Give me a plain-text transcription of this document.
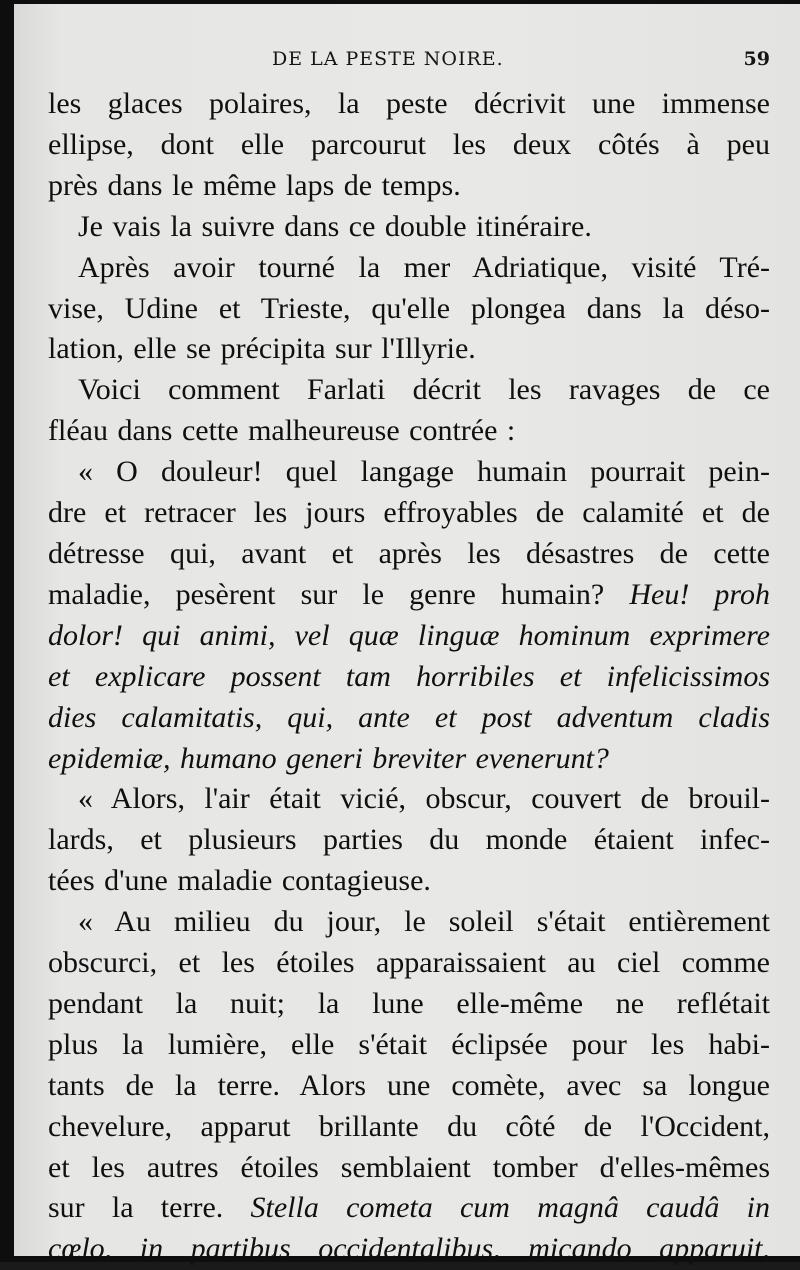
DE LA PESTE NOIRE.	59

les glaces polaires, la peste décrivit une immense
ellipse, dont elle parcourut les deux côtés à peu
près dans le même laps de temps.

Je vais la suivre dans ce double itinéraire.

Après avoir tourné la mer Adriatique, visité Tré-
vise, Udine et Trieste, qu'elle plongea dans la déso-
lation, elle se précipita sur l'Illyrie.

Voici comment Farlati décrit les ravages de ce
fléau dans cette malheureuse contrée :

« O douleur! quel langage humain pourrait pein-
dre et retracer les jours effroyables de calamité et de
détresse qui, avant et après les désastres de cette
maladie, pesèrent sur le genre humain? Heu! proh
dolor! qui animi, vel quæ linguæ hominum exprimere
et explicare possent tam horribiles et infelicissimos
dies calamitatis, qui, ante et post adventum cladis
epidemiæ, humano generi breviter evenerunt?

« Alors, l'air était vicié, obscur, couvert de brouil-
lards, et plusieurs parties du monde étaient infec-
tées d'une maladie contagieuse.

« Au milieu du jour, le soleil s'était entièrement
obscurci, et les étoiles apparaissaient au ciel comme
pendant la nuit; la lune elle-même ne reflétait
plus la lumière, elle s'était éclipsée pour les habi-
tants de la terre. Alors une comète, avec sa longue
chevelure, apparut brillante du côté de l'Occident,
et les autres étoiles semblaient tomber d'elles-mêmes
sur la terre. Stella cometa cum magnâ caudâ in
cœlo, in partibus occidentalibus, micando apparuit,
